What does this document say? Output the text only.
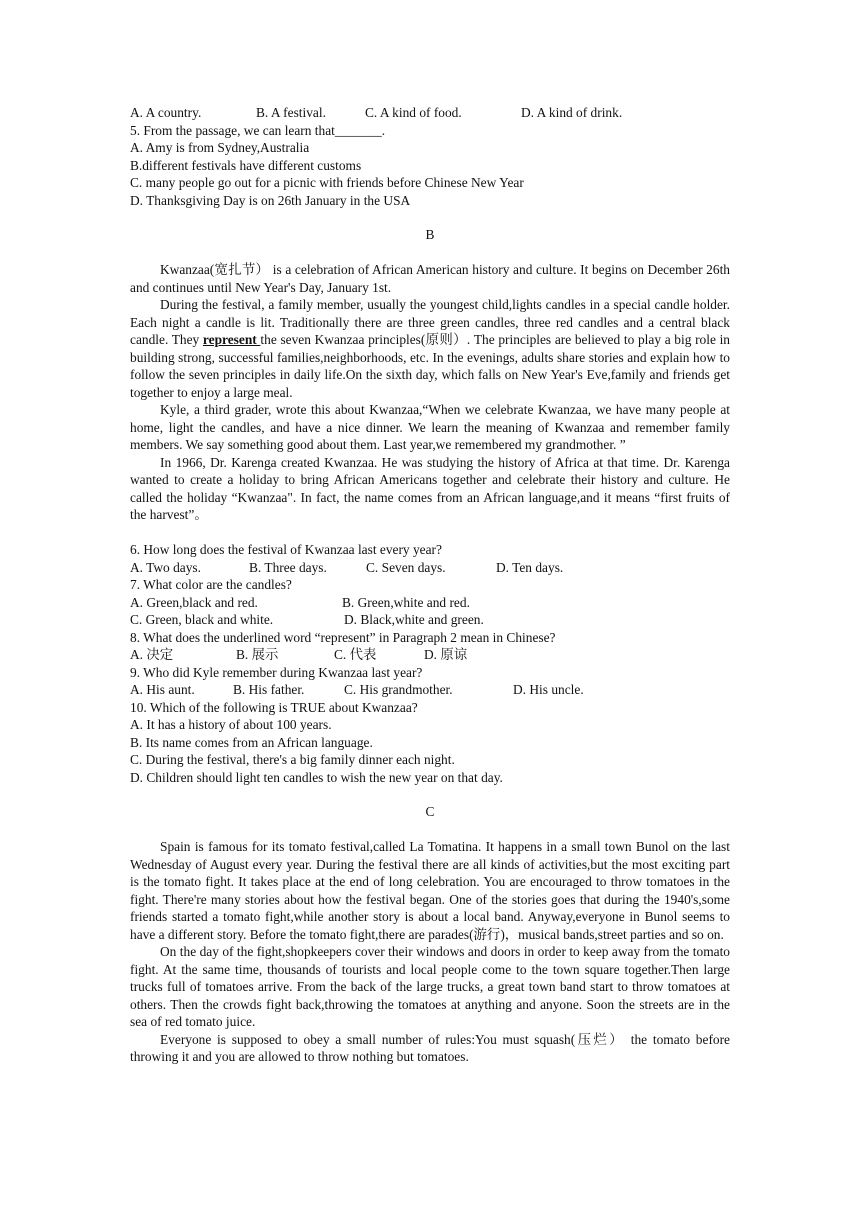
A. A country.	B. A festival.	C. A kind of food.	D. A kind of drink.
5. From the passage, we can learn that_______.
A. Amy is from Sydney,Australia
B.different festivals have different customs
C. many people go out for a picnic with friends before Chinese New Year
D. Thanksgiving Day is on 26th January in the USA
B

Kwanzaa(宽扎节） is a celebration of African American history and culture. It begins on December 26th and continues until New Year's Day, January 1st.

During the festival, a family member, usually the youngest child,lights candles in a special candle holder. Each night a candle is lit. Traditionally there are three green candles, three red candles and a central black candle. They represent the seven Kwanzaa principles(原则）. The principles are believed to play a big role in building strong, successful families,neighborhoods, etc. In the evenings, adults share stories and explain how to follow the seven principles in daily life.On the sixth day, which falls on New Year's Eve,family and friends get together to enjoy a large meal.

Kyle, a third grader, wrote this about Kwanzaa,“When we celebrate Kwanzaa, we have many people at home, light the candles, and have a nice dinner. We learn the meaning of Kwanzaa and remember family members. We say something good about them. Last year,we remembered my grandmother. ”

In 1966, Dr. Karenga created Kwanzaa. He was studying the history of Africa at that time. Dr. Karenga wanted to create a holiday to bring African Americans together and celebrate their history and culture. He called the holiday “Kwanzaa". In fact, the name comes from an African language,and it means “first fruits of the harvest”。

6. How long does the festival of Kwanzaa last every year?
A. Two days.	B. Three days.	C. Seven days.	D. Ten days.
7. What color are the candles?
A. Green,black and red.	B. Green,white and red.
C. Green, black and white.	D. Black,white and green.
8. What does the underlined word “represent” in Paragraph 2 mean in Chinese?
A. 决定	B. 展示	C. 代表	D. 原谅
9. Who did Kyle remember during Kwanzaa last year?
A. His aunt.	B. His father.	C. His grandmother.	D. His uncle.
10. Which of the following is TRUE about Kwanzaa?
A. It has a history of about 100 years.
B. Its name comes from an African language.
C. During the festival, there's a big family dinner each night.
D. Children should light ten candles to wish the new year on that day.
C

Spain is famous for its tomato festival,called La Tomatina. It happens in a small town Bunol on the last Wednesday of August every year. During the festival there are all kinds of activities,but the most exciting part is the tomato fight. It takes place at the end of long celebration. You are encouraged to throw tomatoes in the fight. There're many stories about how the festival began. One of the stories goes that during the 1940's,some friends started a tomato fight,while another story is about a local band. Anyway,everyone in Bunol seems to have a different story. Before the tomato fight,there are parades(游行)，musical bands,street parties and so on.

On the day of the fight,shopkeepers cover their windows and doors in order to keep away from the tomato fight. At the same time, thousands of tourists and local people come to the town square together.Then large trucks full of tomatoes arrive. From the back of the large trucks, a great town band start to throw tomatoes at others. Then the crowds fight back,throwing the tomatoes at anything and anyone. Soon the streets are in the sea of red tomato juice.

Everyone is supposed to obey a small number of rules:You must squash(压烂） the tomato before throwing it and you are allowed to throw nothing but tomatoes.
